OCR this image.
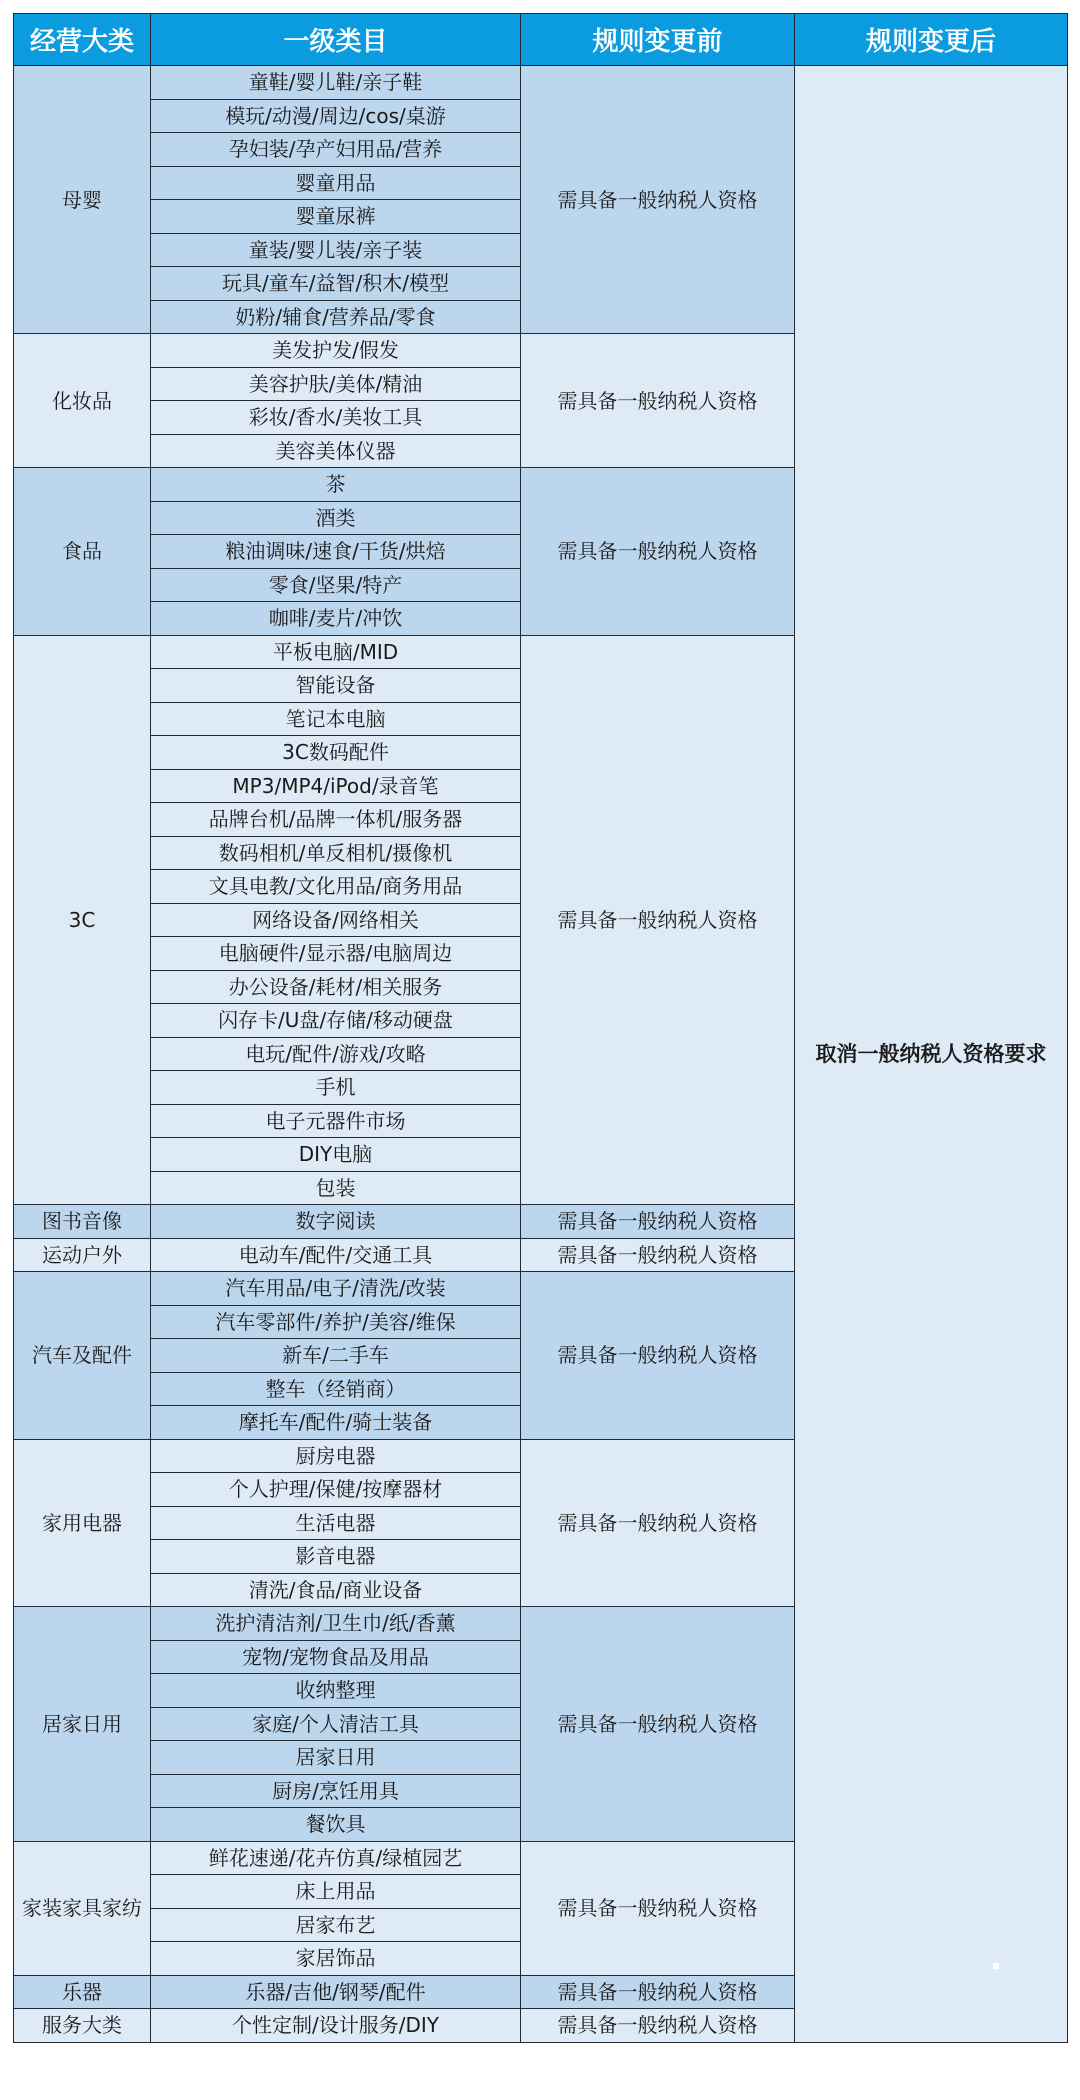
经营大类	一级类目	规则变更前	规则变更后
母婴	童鞋/婴儿鞋/亲子鞋	需具备一般纳税人资格	取消一般纳税人资格要求
	模玩/动漫/周边/cos/桌游		
	孕妇装/孕产妇用品/营养		
	婴童用品		
	婴童尿裤		
	童装/婴儿装/亲子装		
	玩具/童车/益智/积木/模型		
	奶粉/辅食/营养品/零食		
化妆品	美发护发/假发	需具备一般纳税人资格	
	美容护肤/美体/精油		
	彩妆/香水/美妆工具		
	美容美体仪器		
食品	茶	需具备一般纳税人资格	
	酒类		
	粮油调味/速食/干货/烘焙		
	零食/坚果/特产		
	咖啡/麦片/冲饮		
3C	平板电脑/MID	需具备一般纳税人资格	
	智能设备		
	笔记本电脑		
	3C数码配件		
	MP3/MP4/iPod/录音笔		
	品牌台机/品牌一体机/服务器		
	数码相机/单反相机/摄像机		
	文具电教/文化用品/商务用品		
	网络设备/网络相关		
	电脑硬件/显示器/电脑周边		
	办公设备/耗材/相关服务		
	闪存卡/U盘/存储/移动硬盘		
	电玩/配件/游戏/攻略		
	手机		
	电子元器件市场		
	DIY电脑		
	包装		
图书音像	数字阅读	需具备一般纳税人资格	
运动户外	电动车/配件/交通工具	需具备一般纳税人资格	
汽车及配件	汽车用品/电子/清洗/改装	需具备一般纳税人资格	
	汽车零部件/养护/美容/维保		
	新车/二手车		
	整车（经销商）		
	摩托车/配件/骑士装备		
家用电器	厨房电器	需具备一般纳税人资格	
	个人护理/保健/按摩器材		
	生活电器		
	影音电器		
	清洗/食品/商业设备		
居家日用	洗护清洁剂/卫生巾/纸/香薰	需具备一般纳税人资格	
	宠物/宠物食品及用品		
	收纳整理		
	家庭/个人清洁工具		
	居家日用		
	厨房/烹饪用具		
	餐饮具		
家装家具家纺	鲜花速递/花卉仿真/绿植园艺	需具备一般纳税人资格	
	床上用品		
	居家布艺		
	家居饰品		
乐器	乐器/吉他/钢琴/配件	需具备一般纳税人资格	
服务大类	个性定制/设计服务/DIY	需具备一般纳税人资格	
